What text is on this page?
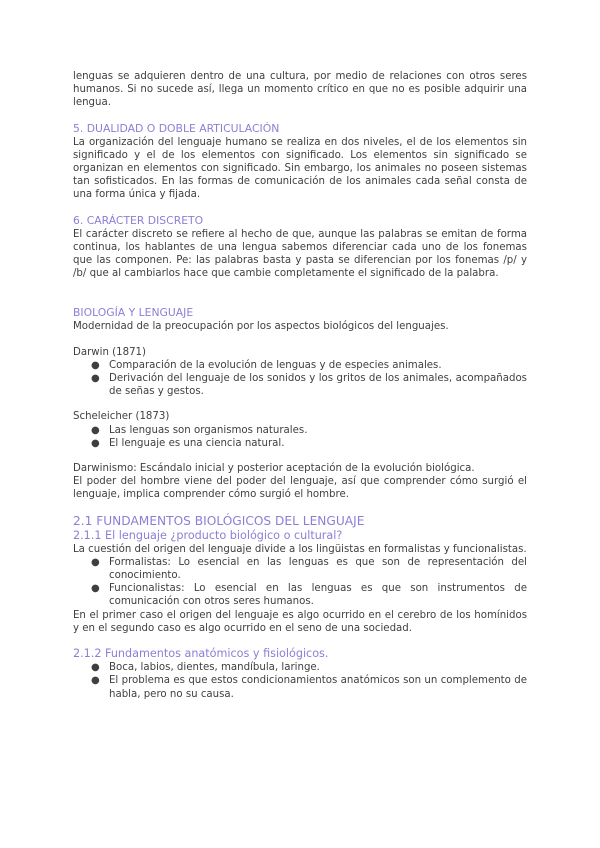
lenguas se adquieren dentro de una cultura, por medio de relaciones con otros seres humanos. Si no sucede así, llega un momento crítico en que no es posible adquirir una lengua.

5. DUALIDAD O DOBLE ARTICULACIÓN

La organización del lenguaje humano se realiza en dos niveles, el de los elementos sin significado y el de los elementos con significado. Los elementos sin significado se organizan en elementos con significado. Sin embargo, los animales no poseen sistemas tan sofisticados. En las formas de comunicación de los animales cada señal consta de una forma única y fijada.

6. CARÁCTER DISCRETO

El carácter discreto se refiere al hecho de que, aunque las palabras se emitan de forma continua, los hablantes de una lengua sabemos diferenciar cada uno de los fonemas que las componen. Pe: las palabras basta y pasta se diferencian por los fonemas /p/ y /b/ que al cambiarlos hace que cambie completamente el significado de la palabra.

BIOLOGÍA Y LENGUAJE

Modernidad de la preocupación por los aspectos biológicos del lenguajes.

Darwin (1871)

● Comparación de la evolución de lenguas y de especies animales.
● Derivación del lenguaje de los sonidos y los gritos de los animales, acompañados de señas y gestos.

Scheleicher (1873)

● Las lenguas son organismos naturales.
● El lenguaje es una ciencia natural.

Darwinismo: Escándalo inicial y posterior aceptación de la evolución biológica.

El poder del hombre viene del poder del lenguaje, así que comprender cómo surgió el lenguaje, implica comprender cómo surgió el hombre.

2.1 FUNDAMENTOS BIOLÓGICOS DEL LENGUAJE
2.1.1 El lenguaje ¿producto biológico o cultural?

La cuestión del origen del lenguaje divide a los lingüistas en formalistas y funcionalistas.

● Formalistas: Lo esencial en las lenguas es que son de representación del conocimiento.
● Funcionalistas: Lo esencial en las lenguas es que son instrumentos de comunicación con otros seres humanos.

En el primer caso el origen del lenguaje es algo ocurrido en el cerebro de los homínidos y en el segundo caso es algo ocurrido en el seno de una sociedad.

2.1.2 Fundamentos anatómicos y fisiológicos.
● Boca, labios, dientes, mandíbula, laringe.
● El problema es que estos condicionamientos anatómicos son un complemento de habla, pero no su causa.
